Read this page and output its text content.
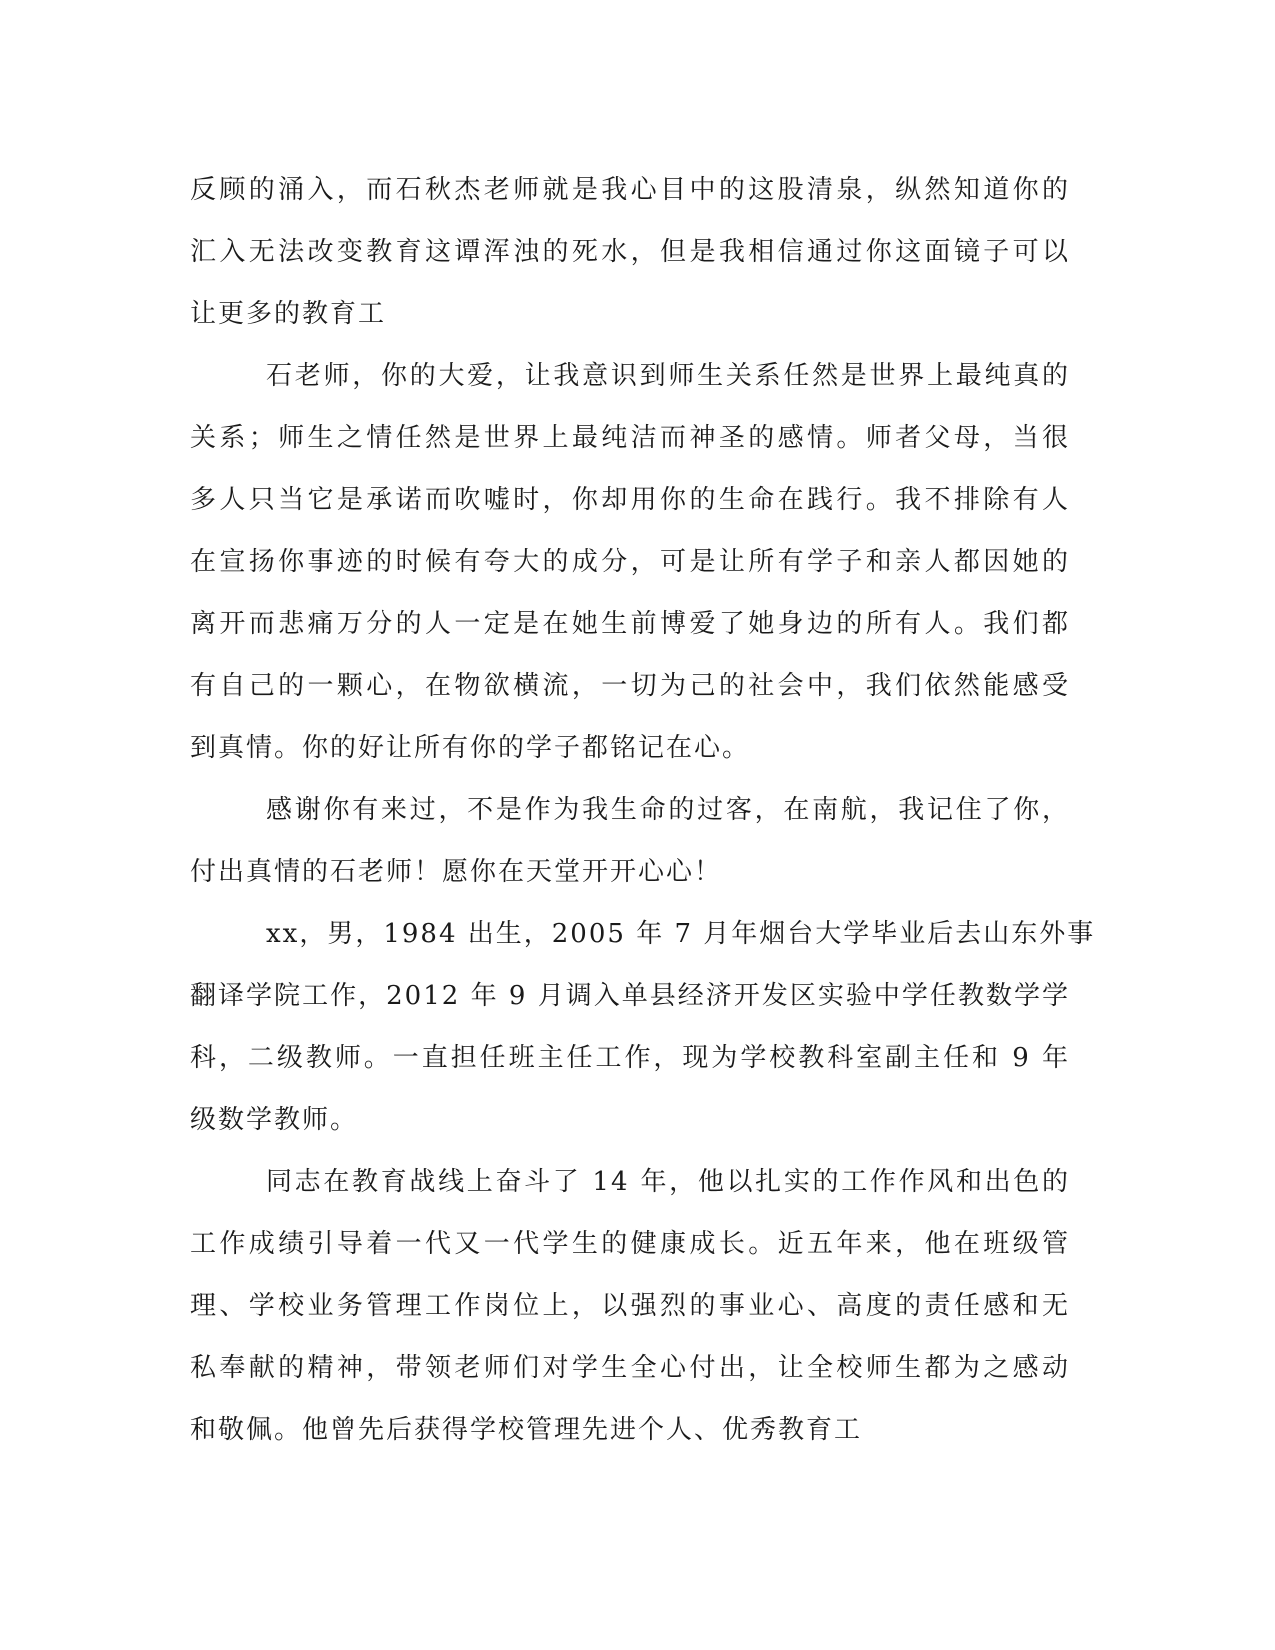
反顾的涌入，而石秋杰老师就是我心目中的这股清泉，纵然知道你的
汇入无法改变教育这谭浑浊的死水，但是我相信通过你这面镜子可以
让更多的教育工
石老师，你的大爱，让我意识到师生关系任然是世界上最纯真的
关系；师生之情任然是世界上最纯洁而神圣的感情。师者父母，当很
多人只当它是承诺而吹嘘时，你却用你的生命在践行。我不排除有人
在宣扬你事迹的时候有夸大的成分，可是让所有学子和亲人都因她的
离开而悲痛万分的人一定是在她生前博爱了她身边的所有人。我们都
有自己的一颗心，在物欲横流，一切为己的社会中，我们依然能感受
到真情。你的好让所有你的学子都铭记在心。
感谢你有来过，不是作为我生命的过客，在南航，我记住了你，
付出真情的石老师！愿你在天堂开开心心！
xx，男，1984 出生，2005 年 7 月年烟台大学毕业后去山东外事
翻译学院工作，2012 年 9 月调入单县经济开发区实验中学任教数学学
科，二级教师。一直担任班主任工作，现为学校教科室副主任和 9 年
级数学教师。
同志在教育战线上奋斗了 14 年，他以扎实的工作作风和出色的
工作成绩引导着一代又一代学生的健康成长。近五年来，他在班级管
理、学校业务管理工作岗位上，以强烈的事业心、高度的责任感和无
私奉献的精神，带领老师们对学生全心付出，让全校师生都为之感动
和敬佩。他曾先后获得学校管理先进个人、优秀教育工
